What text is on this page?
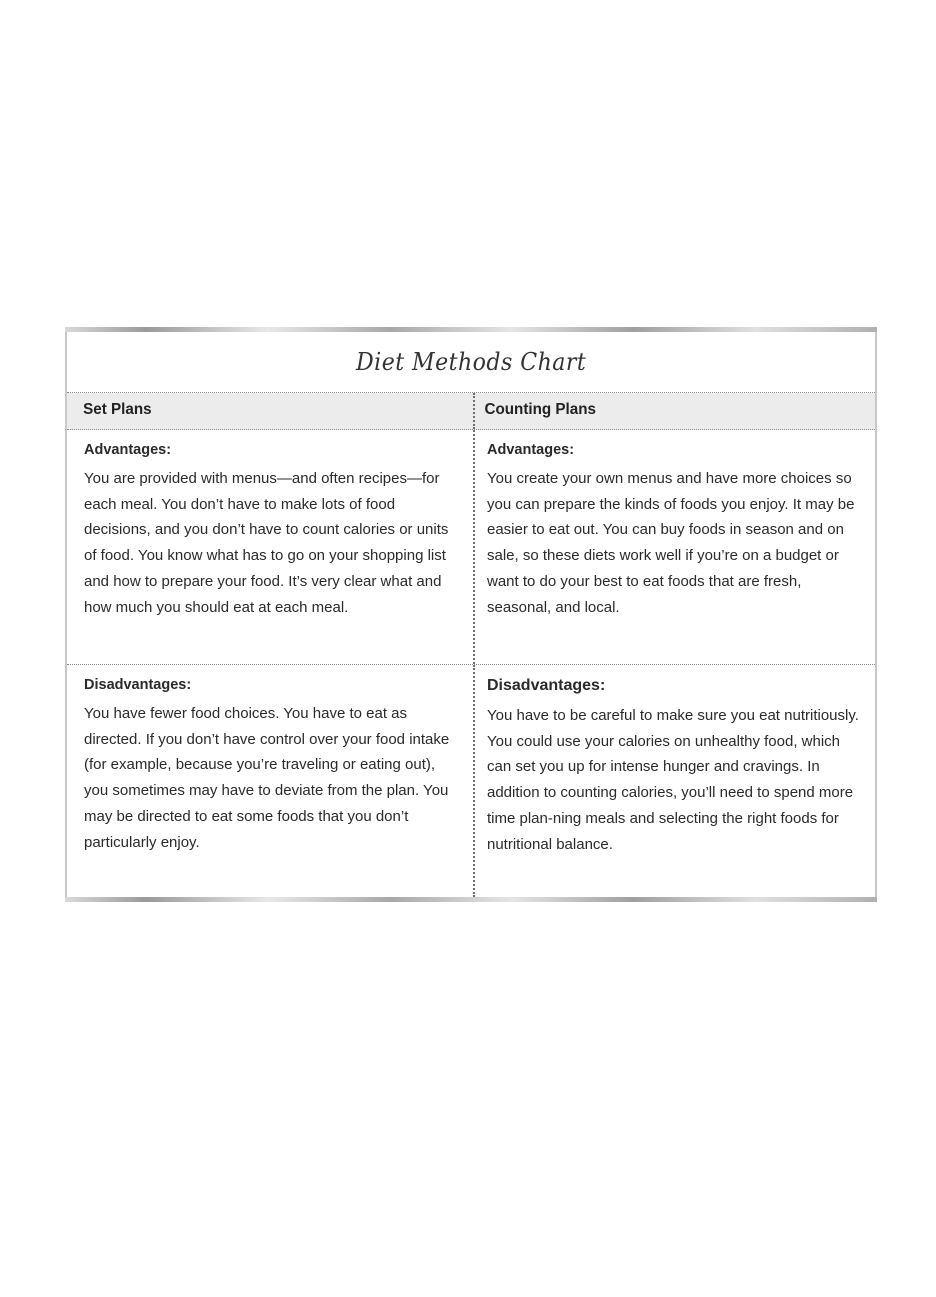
Diet Methods Chart
Set Plans	Counting Plans
Advantages:
You are provided with menus—and often recipes—for each meal. You don’t have to make lots of food decisions, and you don’t have to count calories or units of food. You know what has to go on your shopping list and how to prepare your food. It’s very clear what and how much you should eat at each meal.
Advantages:
You create your own menus and have more choices so you can prepare the kinds of foods you enjoy. It may be easier to eat out. You can buy foods in season and on sale, so these diets work well if you’re on a budget or want to do your best to eat foods that are fresh, seasonal, and local.
Disadvantages:
You have fewer food choices. You have to eat as directed. If you don’t have control over your food intake (for example, because you’re traveling or eating out), you sometimes may have to deviate from the plan. You may be directed to eat some foods that you don’t particularly enjoy.
Disadvantages:
You have to be careful to make sure you eat nutritiously. You could use your calories on unhealthy food, which can set you up for intense hunger and cravings. In addition to counting calories, you’ll need to spend more time plan-ning meals and selecting the right foods for nutritional balance.
